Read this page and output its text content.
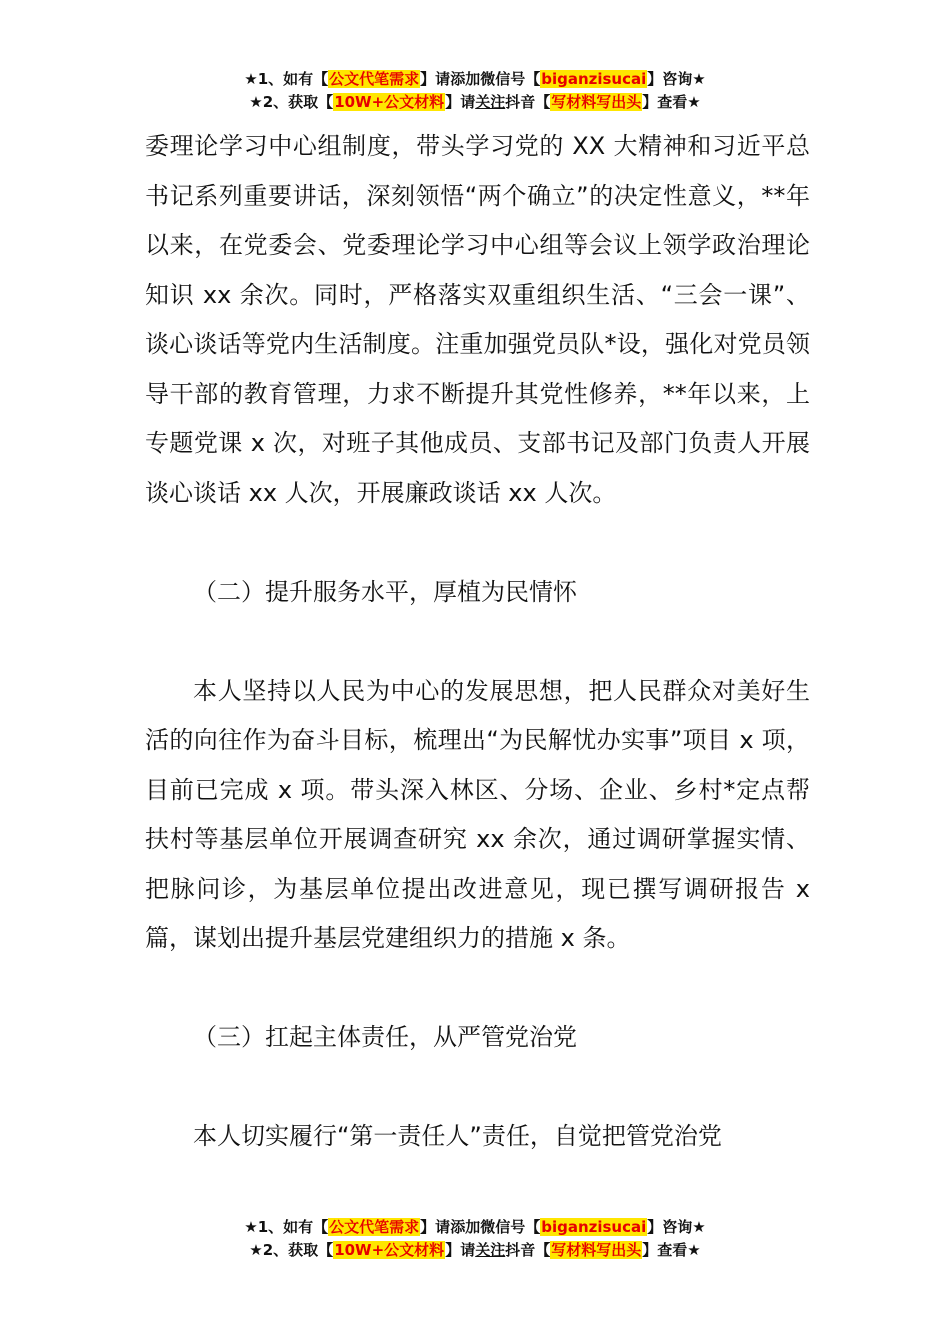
★1、如有【公文代笔需求】请添加微信号【biganzisucai】咨询★
★2、获取【10W+公文材料】请关注抖音【写材料写出头】查看★

委理论学习中心组制度，带头学习党的 XX 大精神和习近平总书记系列重要讲话，深刻领悟“两个确立”的决定性意义，**年以来，在党委会、党委理论学习中心组等会议上领学政治理论知识 xx 余次。同时，严格落实双重组织生活、“三会一课”、谈心谈话等党内生活制度。注重加强党员队*设，强化对党员领导干部的教育管理，力求不断提升其党性修养，**年以来，上专题党课 x 次，对班子其他成员、支部书记及部门负责人开展谈心谈话 xx 人次，开展廉政谈话 xx 人次。

（二）提升服务水平，厚植为民情怀

本人坚持以人民为中心的发展思想，把人民群众对美好生活的向往作为奋斗目标，梳理出“为民解忧办实事”项目 x 项，目前已完成 x 项。带头深入林区、分场、企业、乡村*定点帮扶村等基层单位开展调查研究 xx 余次，通过调研掌握实情、把脉问诊，为基层单位提出改进意见，现已撰写调研报告 x 篇，谋划出提升基层党建组织力的措施 x 条。

（三）扛起主体责任，从严管党治党

本人切实履行“第一责任人”责任，自觉把管党治党

★1、如有【公文代笔需求】请添加微信号【biganzisucai】咨询★
★2、获取【10W+公文材料】请关注抖音【写材料写出头】查看★
